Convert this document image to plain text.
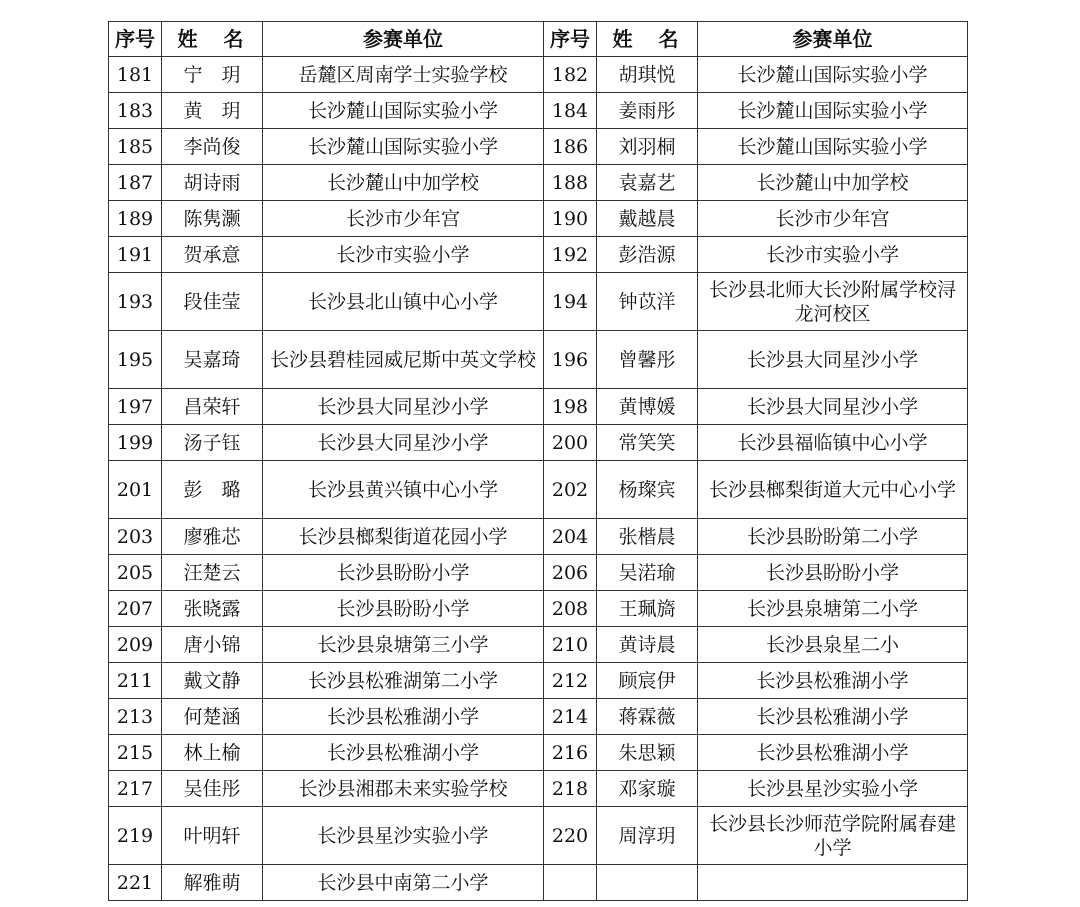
序号	姓　名	参赛单位	序号	姓　名	参赛单位
181	宁　玥	岳麓区周南学士实验学校	182	胡琪悦	长沙麓山国际实验小学
183	黄　玥	长沙麓山国际实验小学	184	姜雨彤	长沙麓山国际实验小学
185	李尚俊	长沙麓山国际实验小学	186	刘羽桐	长沙麓山国际实验小学
187	胡诗雨	长沙麓山中加学校	188	袁嘉艺	长沙麓山中加学校
189	陈隽灏	长沙市少年宫	190	戴越晨	长沙市少年宫
191	贺承意	长沙市实验小学	192	彭浩源	长沙市实验小学
193	段佳莹	长沙县北山镇中心小学	194	钟苡洋	长沙县北师大长沙附属学校浔龙河校区
195	吴嘉琦	长沙县碧桂园威尼斯中英文学校	196	曾馨彤	长沙县大同星沙小学
197	昌荣轩	长沙县大同星沙小学	198	黄博媛	长沙县大同星沙小学
199	汤子钰	长沙县大同星沙小学	200	常笑笑	长沙县福临镇中心小学
201	彭　璐	长沙县黄兴镇中心小学	202	杨璨宾	长沙县榔梨街道大元中心小学
203	廖雅芯	长沙县榔梨街道花园小学	204	张楷晨	长沙县盼盼第二小学
205	汪楚云	长沙县盼盼小学	206	吴渃瑜	长沙县盼盼小学
207	张晓露	长沙县盼盼小学	208	王珮旖	长沙县泉塘第二小学
209	唐小锦	长沙县泉塘第三小学	210	黄诗晨	长沙县泉星二小
211	戴文静	长沙县松雅湖第二小学	212	顾宸伊	长沙县松雅湖小学
213	何楚涵	长沙县松雅湖小学	214	蒋霖薇	长沙县松雅湖小学
215	林上榆	长沙县松雅湖小学	216	朱思颖	长沙县松雅湖小学
217	吴佳彤	长沙县湘郡未来实验学校	218	邓家璇	长沙县星沙实验小学
219	叶明轩	长沙县星沙实验小学	220	周淳玥	长沙县长沙师范学院附属春建小学
221	解雅萌	长沙县中南第二小学			
